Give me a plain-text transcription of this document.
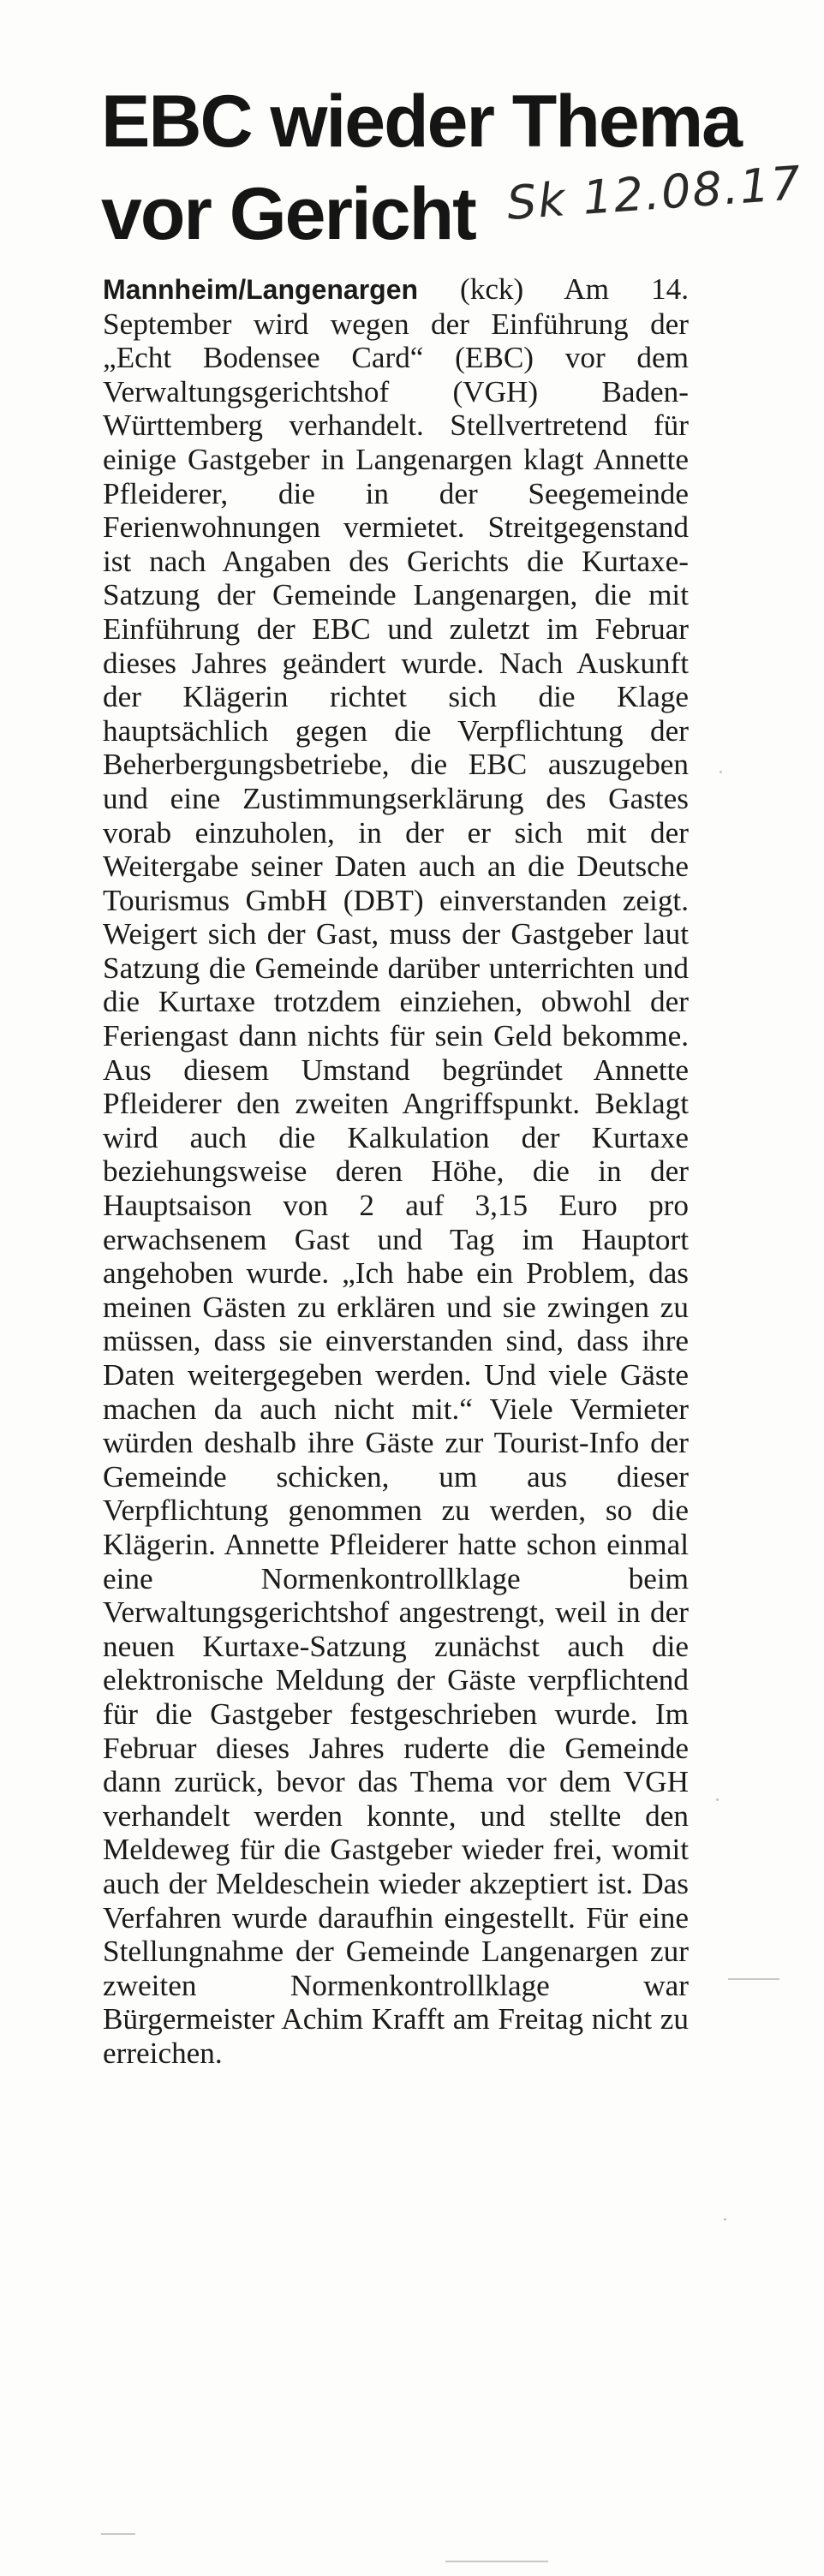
EBC wieder Thema
vor Gericht Sk 12.08.17

Mannheim/Langenargen (kck) Am 14. September wird wegen der Einführung der „Echt Bodensee Card“ (EBC) vor dem Verwaltungsgerichtshof (VGH) Baden-Württemberg verhandelt. Stellvertretend für einige Gastgeber in Langenargen klagt Annette Pfleiderer, die in der Seegemeinde Ferienwohnungen vermietet. Streitgegenstand ist nach Angaben des Gerichts die Kurtaxe-Satzung der Gemeinde Langenargen, die mit Einführung der EBC und zuletzt im Februar dieses Jahres geändert wurde. Nach Auskunft der Klägerin richtet sich die Klage hauptsächlich gegen die Verpflichtung der Beherbergungsbetriebe, die EBC auszugeben und eine Zustimmungserklärung des Gastes vorab einzuholen, in der er sich mit der Weitergabe seiner Daten auch an die Deutsche Tourismus GmbH (DBT) einverstanden zeigt. Weigert sich der Gast, muss der Gastgeber laut Satzung die Gemeinde darüber unterrichten und die Kurtaxe trotzdem einziehen, obwohl der Feriengast dann nichts für sein Geld bekomme. Aus diesem Umstand begründet Annette Pfleiderer den zweiten Angriffspunkt. Beklagt wird auch die Kalkulation der Kurtaxe beziehungsweise deren Höhe, die in der Hauptsaison von 2 auf 3,15 Euro pro erwachsenem Gast und Tag im Hauptort angehoben wurde. „Ich habe ein Problem, das meinen Gästen zu erklären und sie zwingen zu müssen, dass sie einverstanden sind, dass ihre Daten weitergegeben werden. Und viele Gäste machen da auch nicht mit.“ Viele Vermieter würden deshalb ihre Gäste zur Tourist-Info der Gemeinde schicken, um aus dieser Verpflichtung genommen zu werden, so die Klägerin. Annette Pfleiderer hatte schon einmal eine Normenkontrollklage beim Verwaltungsgerichtshof angestrengt, weil in der neuen Kurtaxe-Satzung zunächst auch die elektronische Meldung der Gäste verpflichtend für die Gastgeber festgeschrieben wurde. Im Februar dieses Jahres ruderte die Gemeinde dann zurück, bevor das Thema vor dem VGH verhandelt werden konnte, und stellte den Meldeweg für die Gastgeber wieder frei, womit auch der Meldeschein wieder akzeptiert ist. Das Verfahren wurde daraufhin eingestellt. Für eine Stellungnahme der Gemeinde Langenargen zur zweiten Normenkontrollklage war Bürgermeister Achim Krafft am Freitag nicht zu erreichen.
